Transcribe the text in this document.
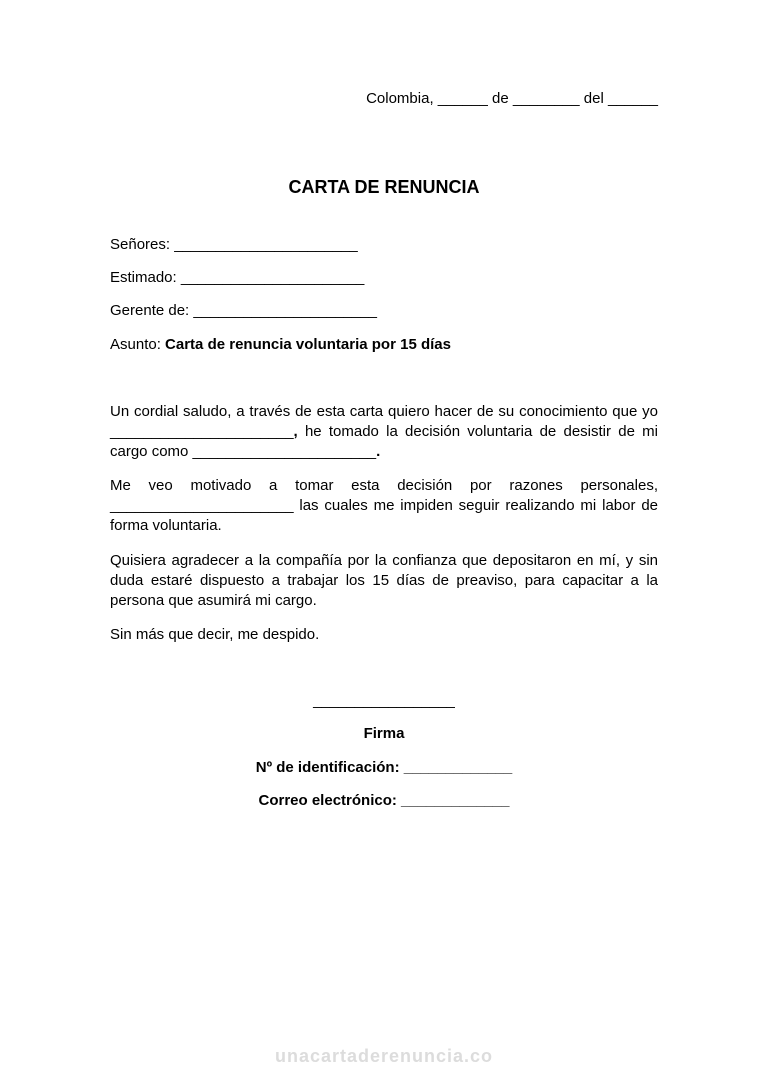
Colombia, ______ de ________ del ______
CARTA DE RENUNCIA
Señores: ______________________
Estimado: ______________________
Gerente de: ______________________
Asunto: Carta de renuncia voluntaria por 15 días

Un cordial saludo, a través de esta carta quiero hacer de su conocimiento que yo ______________________, he tomado la decisión voluntaria de desistir de mi cargo como ______________________.

Me veo motivado a tomar esta decisión por razones personales, ______________________ las cuales me impiden seguir realizando mi labor de forma voluntaria.

Quisiera agradecer a la compañía por la confianza que depositaron en mí, y sin duda estaré dispuesto a trabajar los 15 días de preaviso, para capacitar a la persona que asumirá mi cargo.

Sin más que decir, me despido.

_________________
Firma
Nº de identificación: _____________
Correo electrónico: _____________
unacartaderenuncia.co
